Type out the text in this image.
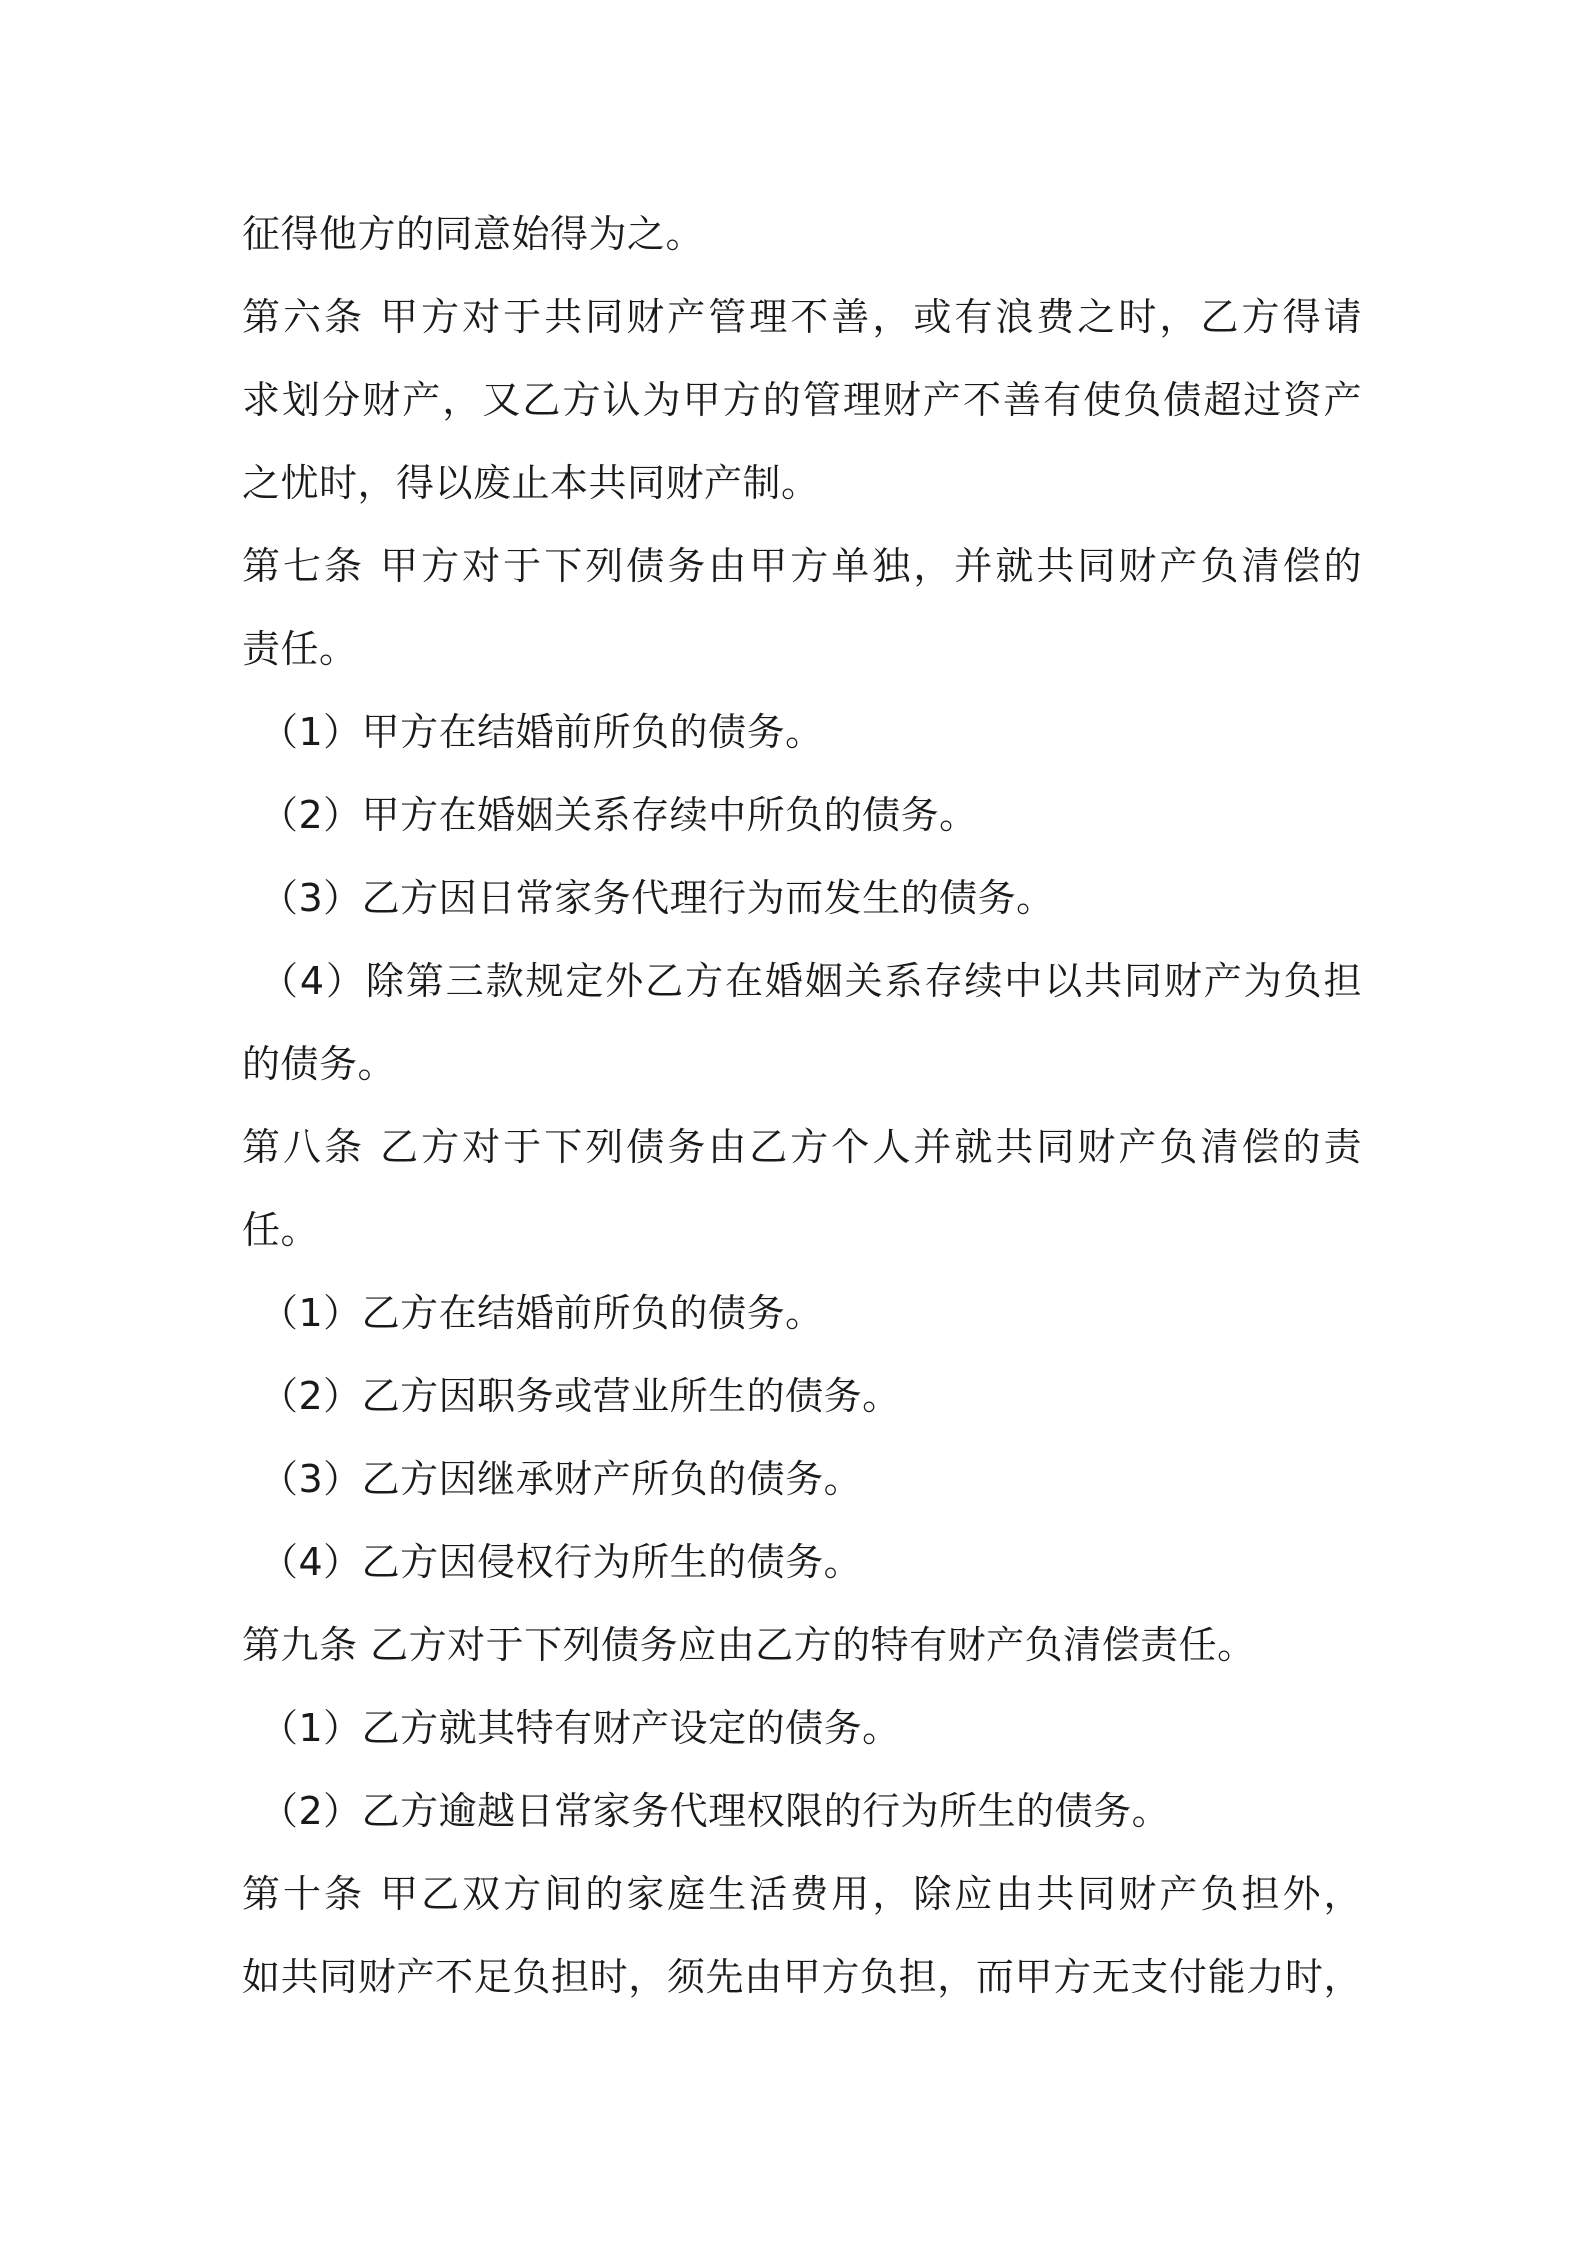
征得他方的同意始得为之。
第六条 甲方对于共同财产管理不善，或有浪费之时，乙方得请
求划分财产，又乙方认为甲方的管理财产不善有使负债超过资产
之忧时，得以废止本共同财产制。
第七条 甲方对于下列债务由甲方单独，并就共同财产负清偿的
责任。
（1）甲方在结婚前所负的债务。
（2）甲方在婚姻关系存续中所负的债务。
（3）乙方因日常家务代理行为而发生的债务。
（4）除第三款规定外乙方在婚姻关系存续中以共同财产为负担
的债务。
第八条 乙方对于下列债务由乙方个人并就共同财产负清偿的责
任。
（1）乙方在结婚前所负的债务。
（2）乙方因职务或营业所生的债务。
（3）乙方因继承财产所负的债务。
（4）乙方因侵权行为所生的债务。
第九条 乙方对于下列债务应由乙方的特有财产负清偿责任。
（1）乙方就其特有财产设定的债务。
（2）乙方逾越日常家务代理权限的行为所生的债务。
第十条 甲乙双方间的家庭生活费用，除应由共同财产负担外，
如共同财产不足负担时，须先由甲方负担，而甲方无支付能力时，
